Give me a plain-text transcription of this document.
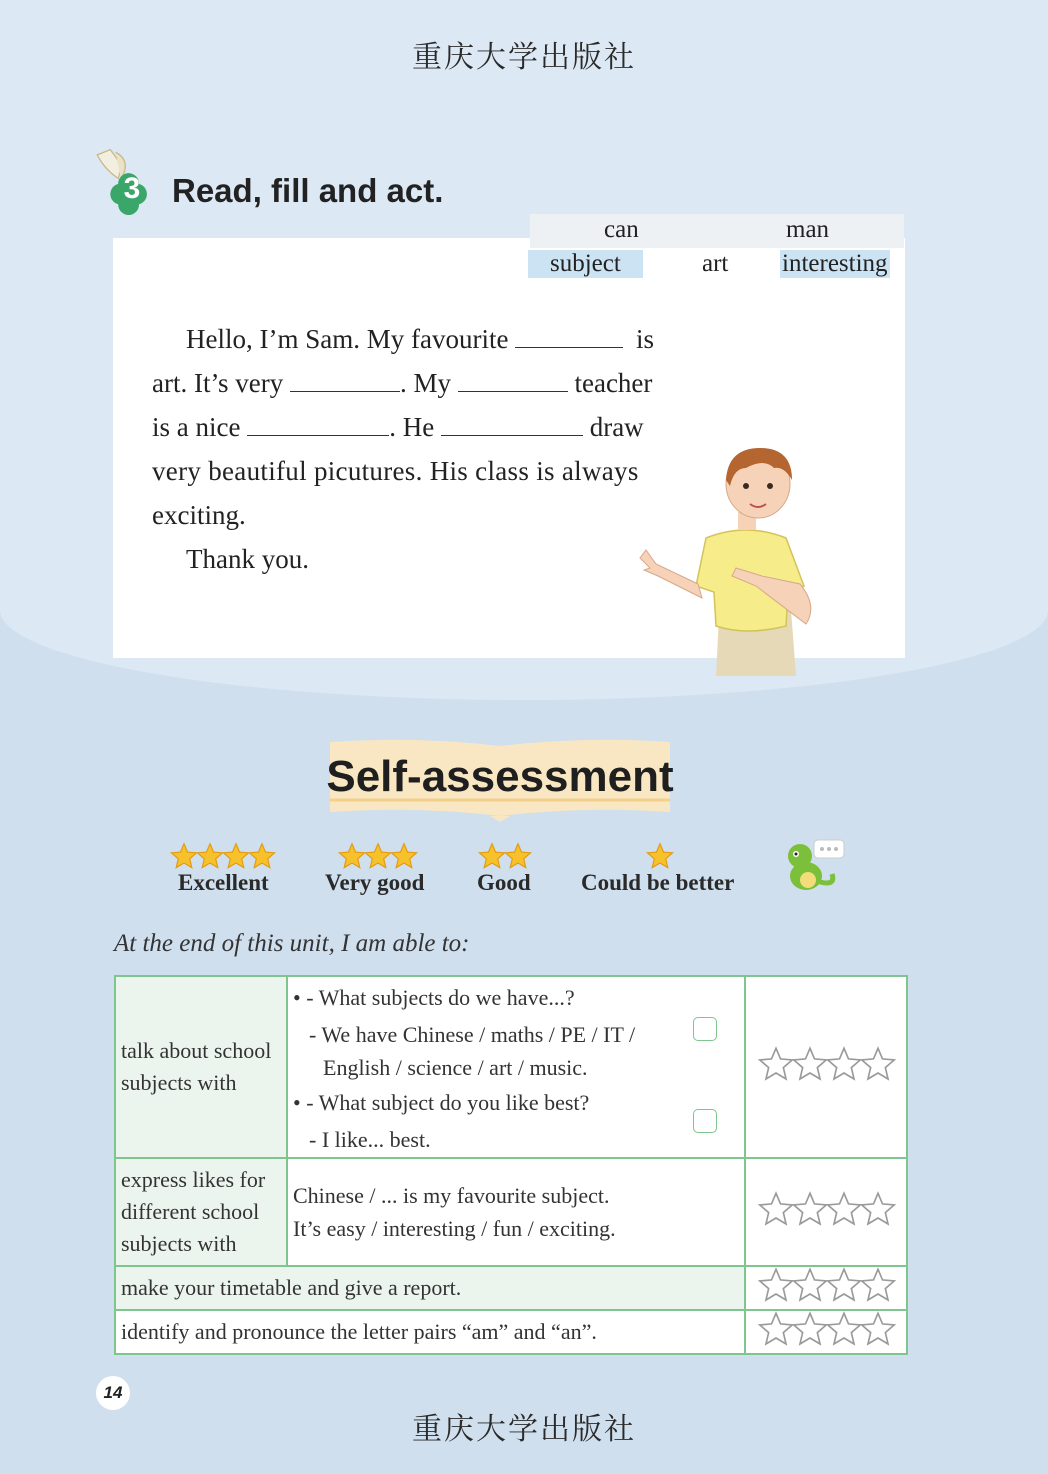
重庆大学出版社
3 Read, fill and act.
can	man
subject	art interesting
Hello, I’m Sam. My favourite	is
art. It’s very	. My	teacher
is a nice	. He	draw
very beautiful picutures. His class is always
exciting.
Thank you.
Self-assessment
Excellent Very good Good Could be better
At the end of this unit, I am able to:
talk about school subjects with	• - What subjects do we have...?
- We have Chinese / maths / PE / IT /
English / science / art / music.
• - What subject do you like best?
- I like... best.

express likes for different school subjects with	Chinese / ... is my favourite subject.
It’s easy / interesting / fun / exciting.

make your timetable and give a report.	
identify and pronounce the letter pairs “am” and “an”.	
14
重庆大学出版社
